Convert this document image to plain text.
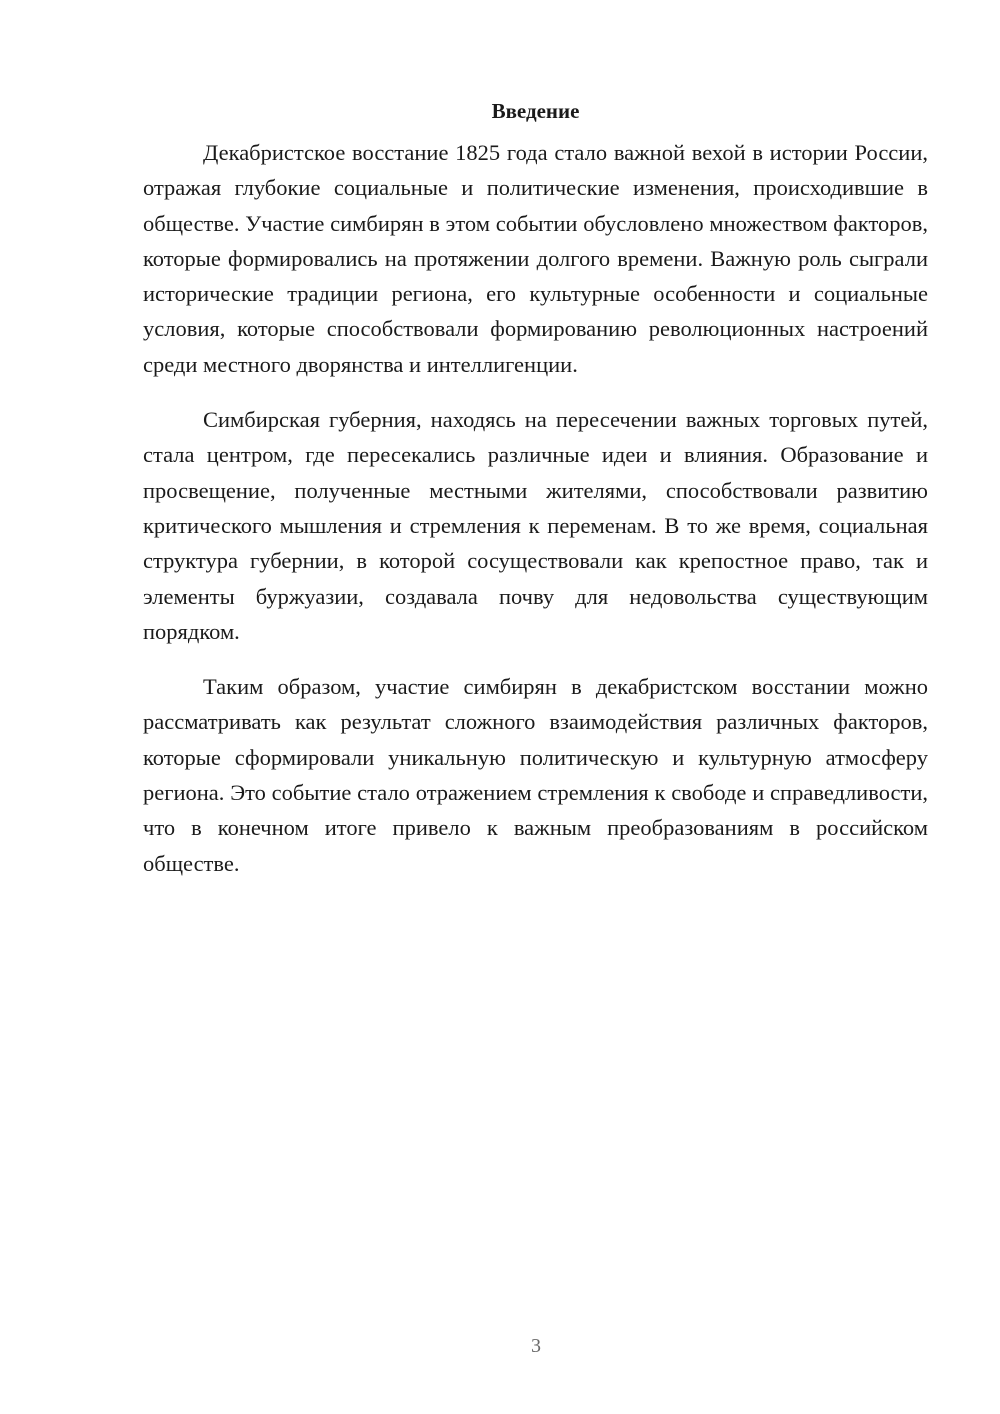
Введение

Декабристское восстание 1825 года стало важной вехой в истории России, отражая глубокие социальные и политические изменения, происходившие в обществе. Участие симбирян в этом событии обусловлено множеством факторов, которые формировались на протяжении долгого времени. Важную роль сыграли исторические традиции региона, его культурные особенности и социальные условия, которые способствовали формированию революционных настроений среди местного дворянства и интеллигенции.

Симбирская губерния, находясь на пересечении важных торговых путей, стала центром, где пересекались различные идеи и влияния. Образование и просвещение, полученные местными жителями, способствовали развитию критического мышления и стремления к переменам. В то же время, социальная структура губернии, в которой сосуществовали как крепостное право, так и элементы буржуазии, создавала почву для недовольства существующим порядком.

Таким образом, участие симбирян в декабристском восстании можно рассматривать как результат сложного взаимодействия различных факторов, которые сформировали уникальную политическую и культурную атмосферу региона. Это событие стало отражением стремления к свободе и справедливости, что в конечном итоге привело к важным преобразованиям в российском обществе.

3
